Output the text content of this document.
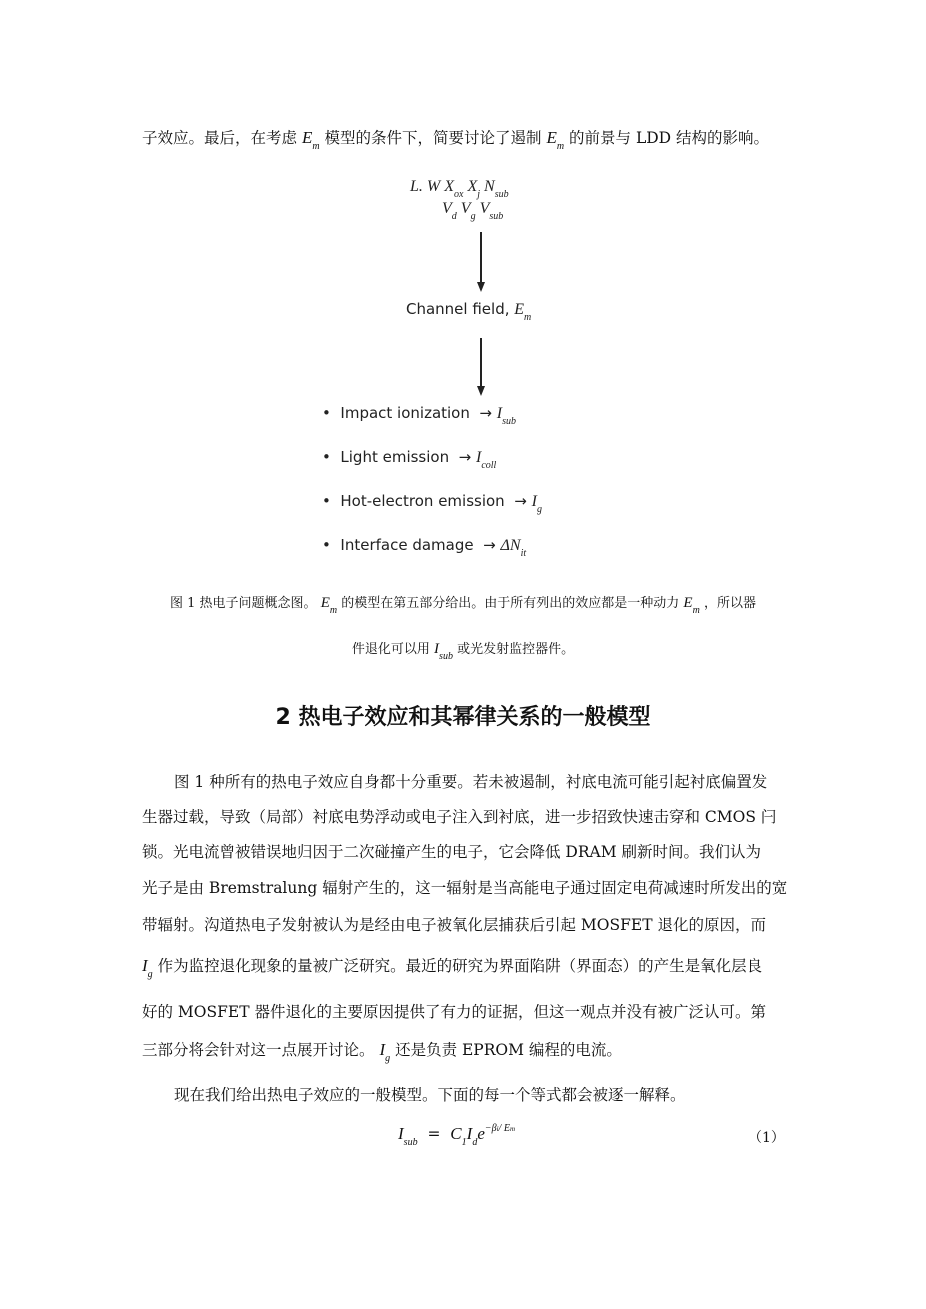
子效应。最后，在考虑 $E_m$ 模型的条件下，简要讨论了遏制 $E_m$ 的前景与 LDD 结构的影响。
L. W $X_{ox}$ $X_j$ $N_{sub}$
$V_d$ $V_g$ $V_{sub}$
Channel field, $E_m$
• Impact ionization → $I_{sub}$
• Light emission → $I_{coll}$
• Hot-electron emission → $I_g$
• Interface damage → $\Delta N_{it}$
图 1 热电子问题概念图。 $E_m$ 的模型在第五部分给出。由于所有列出的效应都是一种动力 $E_m$ ，所以器
件退化可以用 $I_{sub}$ 或光发射监控器件。
2 热电子效应和其幂律关系的一般模型
图 1 种所有的热电子效应自身都十分重要。若未被遏制，衬底电流可能引起衬底偏置发
生器过载，导致（局部）衬底电势浮动或电子注入到衬底，进一步招致快速击穿和 CMOS 闩
锁。光电流曾被错误地归因于二次碰撞产生的电子，它会降低 DRAM 刷新时间。我们认为
光子是由 Bremstralung 辐射产生的，这一辐射是当高能电子通过固定电荷减速时所发出的宽
带辐射。沟道热电子发射被认为是经由电子被氧化层捕获后引起 MOSFET 退化的原因，而
$I_g$ 作为监控退化现象的量被广泛研究。最近的研究为界面陷阱（界面态）的产生是氧化层良
好的 MOSFET 器件退化的主要原因提供了有力的证据，但这一观点并没有被广泛认可。第
三部分将会针对这一点展开讨论。 $I_g$ 还是负责 EPROM 编程的电流。
现在我们给出热电子效应的一般模型。下面的每一个等式都会被逐一解释。
$I_{sub} = C_1I_de^{-\beta i/ Em}$
（1）
